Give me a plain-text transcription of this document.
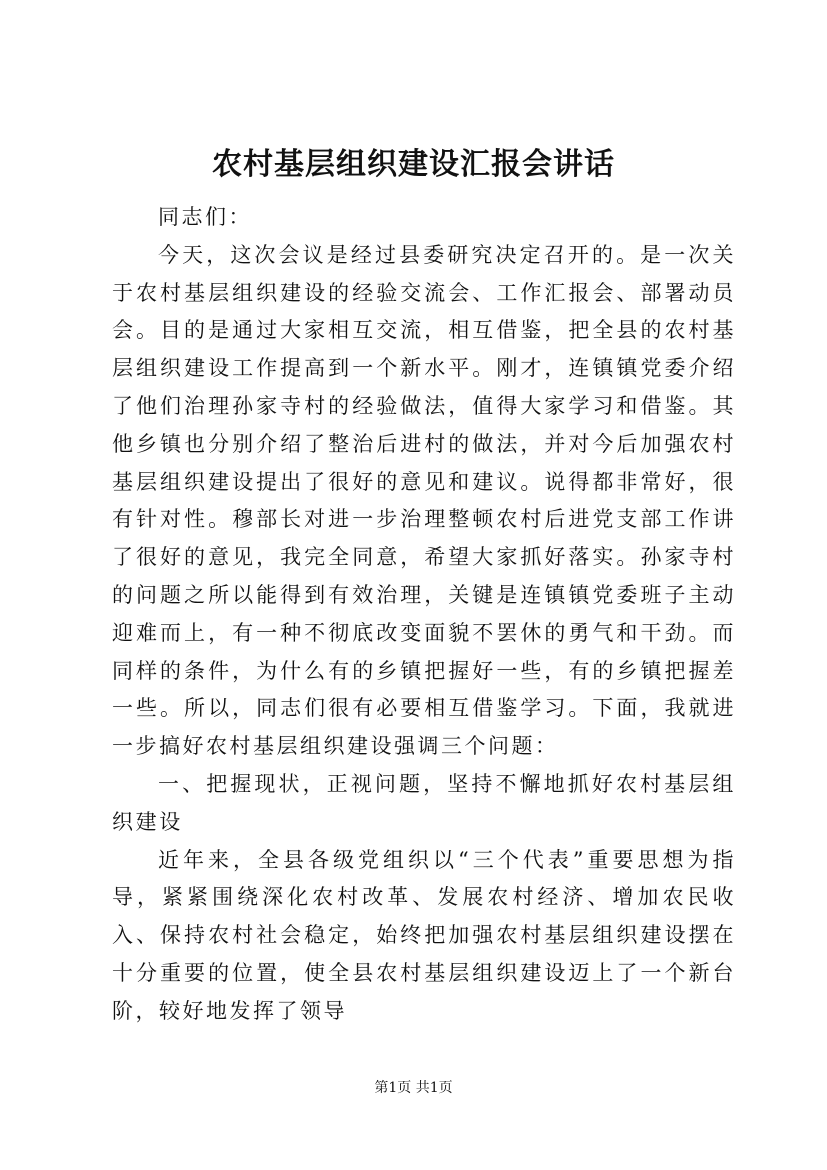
农村基层组织建设汇报会讲话

同志们：

今天，这次会议是经过县委研究决定召开的。是一次关于农村基层组织建设的经验交流会、工作汇报会、部署动员会。目的是通过大家相互交流，相互借鉴，把全县的农村基层组织建设工作提高到一个新水平。刚才，连镇镇党委介绍了他们治理孙家寺村的经验做法，值得大家学习和借鉴。其他乡镇也分别介绍了整治后进村的做法，并对今后加强农村基层组织建设提出了很好的意见和建议。说得都非常好，很有针对性。穆部长对进一步治理整顿农村后进党支部工作讲了很好的意见，我完全同意，希望大家抓好落实。孙家寺村的问题之所以能得到有效治理，关键是连镇镇党委班子主动迎难而上，有一种不彻底改变面貌不罢休的勇气和干劲。而同样的条件，为什么有的乡镇把握好一些，有的乡镇把握差一些。所以，同志们很有必要相互借鉴学习。下面，我就进一步搞好农村基层组织建设强调三个问题：

一、把握现状，正视问题，坚持不懈地抓好农村基层组织建设

近年来，全县各级党组织以“三个代表”重要思想为指导，紧紧围绕深化农村改革、发展农村经济、增加农民收入、保持农村社会稳定，始终把加强农村基层组织建设摆在十分重要的位置，使全县农村基层组织建设迈上了一个新台阶，较好地发挥了领导

第1页 共1页
